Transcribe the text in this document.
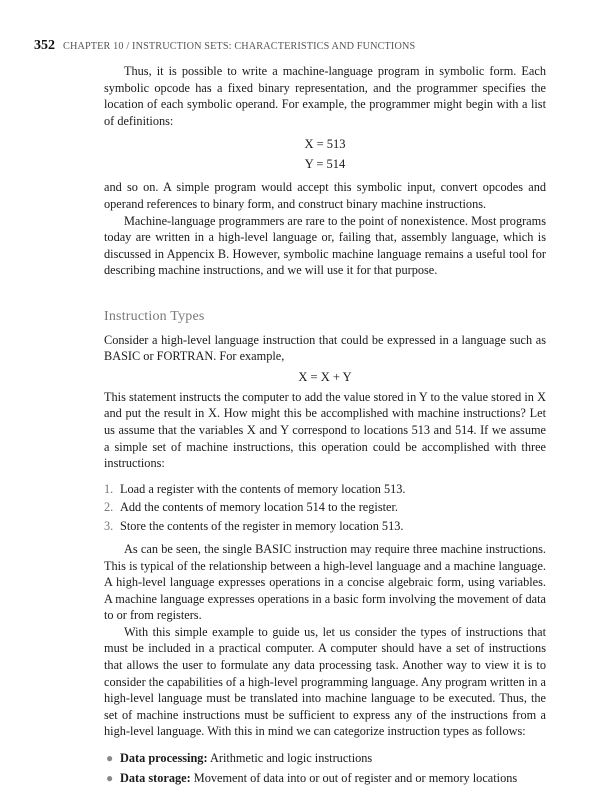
352 CHAPTER 10 / INSTRUCTION SETS: CHARACTERISTICS AND FUNCTIONS

Thus, it is possible to write a machine-language program in symbolic form. Each symbolic opcode has a fixed binary representation, and the programmer specifies the location of each symbolic operand. For example, the programmer might begin with a list of definitions:

X = 513
Y = 514

and so on. A simple program would accept this symbolic input, convert opcodes and operand references to binary form, and construct binary machine instructions.

Machine-language programmers are rare to the point of nonexistence. Most programs today are written in a high-level language or, failing that, assembly language, which is discussed in Appencix B. However, symbolic machine language remains a useful tool for describing machine instructions, and we will use it for that purpose.

Instruction Types

Consider a high-level language instruction that could be expressed in a language such as BASIC or FORTRAN. For example,

X = X + Y

This statement instructs the computer to add the value stored in Y to the value stored in X and put the result in X. How might this be accomplished with machine instructions? Let us assume that the variables X and Y correspond to locations 513 and 514. If we assume a simple set of machine instructions, this operation could be accomplished with three instructions:

1. Load a register with the contents of memory location 513.
2. Add the contents of memory location 514 to the register.
3. Store the contents of the register in memory location 513.

As can be seen, the single BASIC instruction may require three machine instructions. This is typical of the relationship between a high-level language and a machine language. A high-level language expresses operations in a concise algebraic form, using variables. A machine language expresses operations in a basic form involving the movement of data to or from registers.

With this simple example to guide us, let us consider the types of instructions that must be included in a practical computer. A computer should have a set of instructions that allows the user to formulate any data processing task. Another way to view it is to consider the capabilities of a high-level programming language. Any program written in a high-level language must be translated into machine language to be executed. Thus, the set of machine instructions must be sufficient to express any of the instructions from a high-level language. With this in mind we can categorize instruction types as follows:

● Data processing: Arithmetic and logic instructions
● Data storage: Movement of data into or out of register and or memory locations
